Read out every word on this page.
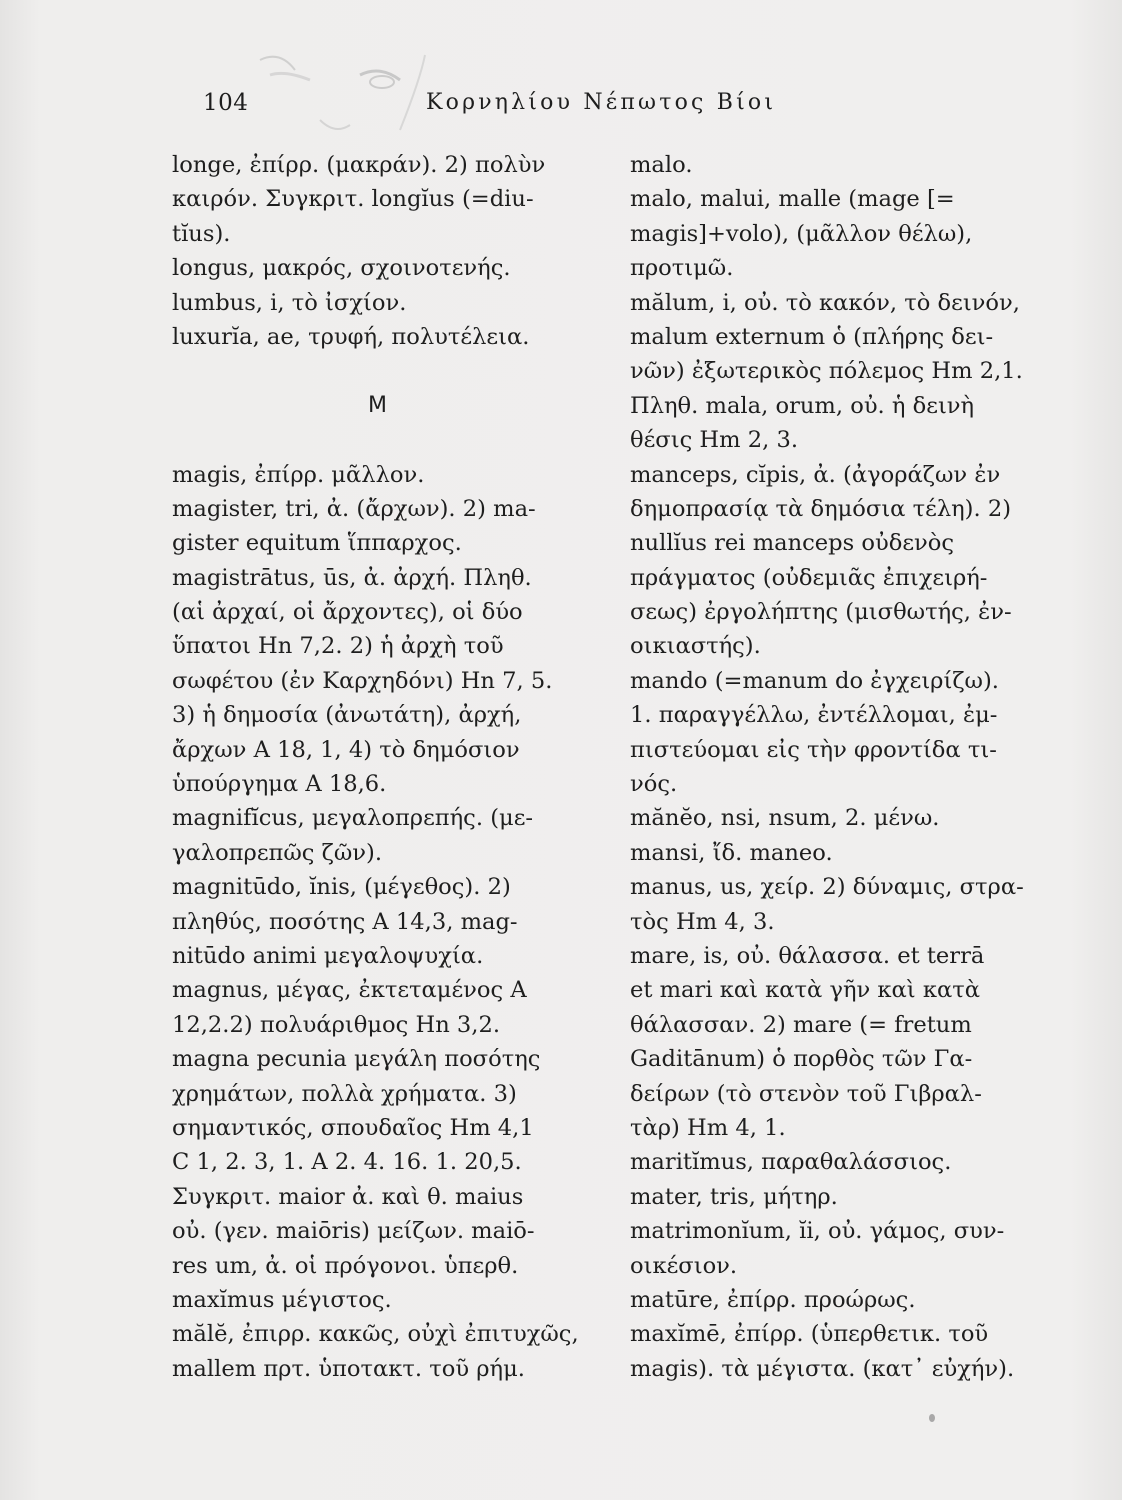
104	Κορνηλίου Νέπωτος Βίοι
longe, ἐπίρρ. (μακράν). 2) πολὺν
καιρόν. Συγκριτ. longĭus (=diu-
tĭus).
longus, μακρός, σχοινοτενής.
lumbus, i, τὸ ἰσχίον.
luxurĭa, ae, τρυφή, πολυτέλεια.
M
magis, ἐπίρρ. μᾶλλον.
magister, tri, ἀ. (ἄρχων). 2) ma-
gister equitum ἵππαρχος.
magistrātus, ūs, ἀ. ἀρχή. Πληθ.
(αἱ ἀρχαί, οἱ ἄρχοντες), οἱ δύο
ὕπατοι Hn 7,2. 2) ἡ ἀρχὴ τοῦ
σωφέτου (ἐν Καρχηδόνι) Hn 7, 5.
3) ἡ δημοσία (ἀνωτάτη), ἀρχή,
ἄρχων A 18, 1, 4) τὸ δημόσιον
ὑπούργημα A 18,6.
magnifĭcus, μεγαλοπρεπής. (με-
γαλοπρεπῶς ζῶν).
magnitūdo, ĭnis, (μέγεθος). 2)
πληθύς, ποσότης A 14,3, mag-
nitūdo animi μεγαλοψυχία.
magnus, μέγας, ἐκτεταμένος A
12,2.2) πολυάριθμος Hn 3,2.
magna pecunia μεγάλη ποσότης
χρημάτων, πολλὰ χρήματα. 3)
σημαντικός, σπουδαῖος Hm 4,1
C 1, 2. 3, 1. A 2. 4. 16. 1. 20,5.
Συγκριτ. maior ἀ. καὶ θ. maius
οὐ. (γεν. maiōris) μείζων. maiō-
res um, ἀ. οἱ πρόγονοι. ὑπερθ.
maxĭmus μέγιστος.
mălĕ, ἐπιρρ. κακῶς, οὐχὶ ἐπιτυχῶς,
mallem πρτ. ὑποτακτ. τοῦ ρήμ.
malo.
malo, malui, malle (mage [=
magis]+volo), (μᾶλλον θέλω),
προτιμῶ.
mălum, i, οὐ. τὸ κακόν, τὸ δεινόν,
malum externum ὁ (πλήρης δει-
νῶν) ἐξωτερικὸς πόλεμος Hm 2,1.
Πληθ. mala, orum, οὐ. ἡ δεινὴ
θέσις Hm 2, 3.
manceps, cĭpis, ἀ. (ἀγοράζων ἐν
δημοπρασίᾳ τὰ δημόσια τέλη). 2)
nullĭus rei manceps οὐδενὸς
πράγματος (οὐδεμιᾶς ἐπιχειρή-
σεως) ἐργολήπτης (μισθωτής, ἐν-
οικιαστής).
mando (=manum do ἐγχειρίζω).
1. παραγγέλλω, ἐντέλλομαι, ἐμ-
πιστεύομαι εἰς τὴν φροντίδα τι-
νός.
mănĕo, nsi, nsum, 2. μένω.
mansi, ἴδ. maneo.
manus, us, χείρ. 2) δύναμις, στρα-
τὸς Hm 4, 3.
mare, is, οὐ. θάλασσα. et terrā
et mari καὶ κατὰ γῆν καὶ κατὰ
θάλασσαν. 2) mare (= fretum
Gaditānum) ὁ πορθὸς τῶν Γα-
δείρων (τὸ στενὸν τοῦ Γιβραλ-
τὰρ) Hm 4, 1.
maritĭmus, παραθαλάσσιος.
mater, tris, μήτηρ.
matrimonĭum, ĭi, οὐ. γάμος, συν-
οικέσιον.
matūre, ἐπίρρ. προώρως.
maxĭmē, ἐπίρρ. (ὑπερθετικ. τοῦ
magis). τὰ μέγιστα. (κατ᾽ εὐχήν).
